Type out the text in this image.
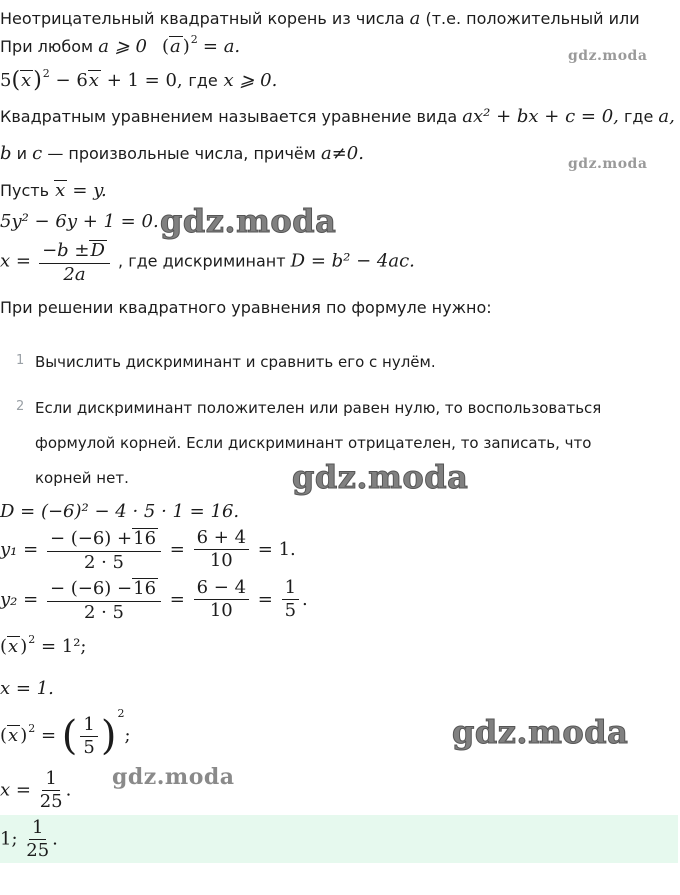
Неотрицательный квадратный корень из числа a (т.е. положительный или
При любом a ⩾ 0 (a )$^2$ = a.
$5(x)^2 - 6x + 1 = 0$, где x ⩾ 0.
Квадратным уравнением называется уравнение вида ax² + bx + c = 0, где a,
b и c — произвольные числа, причём a≠0.
Пусть x = y.
5y² − 6y + 1 = 0.
$x = \frac{-b \pm D}{2a}$ , где дискриминант D = b² − 4ac.
При решении квадратного уравнения по формуле нужно:
1 Вычислить дискриминант и сравнить его с нулём.
2 Если дискриминант положителен или равен нулю, то воспользоваться
формулой корней. Если дискриминант отрицателен, то записать, что
корней нет.
D = (−6)² − 4 · 5 · 1 = 16.
$y_1 = \frac{- (-6) +16}{2 \cdot 5} = \frac{6 + 4}{10} = 1$.
$y_2 = \frac{- (-6) -16}{2 \cdot 5} = \frac{6 - 4}{10} = \frac{1}{5}$ .
(x )$^2$ = 1²;
x = 1.
(x )$^2$ = ( $\frac{1}{5} )^2$;
$x = \frac{1}{25}$ .
1; $\frac{1}{25}$ .
gdz.moda
gdz.moda
gdz.moda
gdz.moda
gdz.moda
gdz.moda
